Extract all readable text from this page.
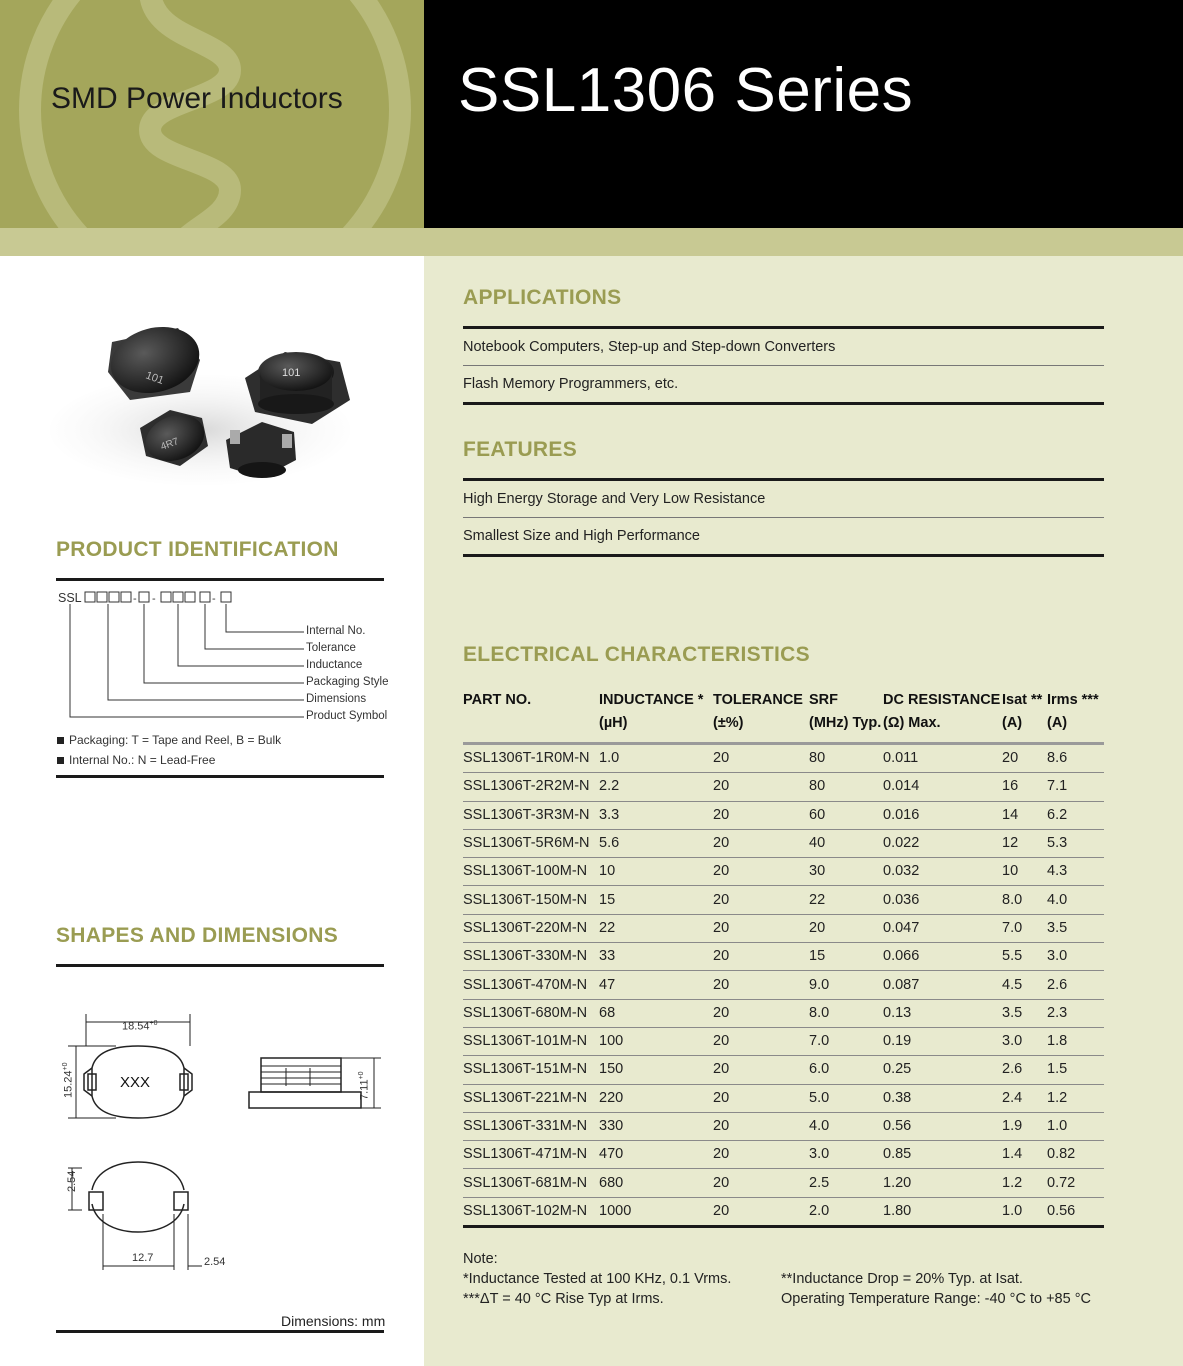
SMD Power Inductors SSL1306 Series
APPLICATIONS
Notebook Computers, Step-up and Step-down Converters
Flash Memory Programmers, etc.
FEATURES
High Energy Storage and Very Low Resistance
Smallest Size and High Performance
ELECTRICAL CHARACTERISTICS
PART NO.	INDUCTANCE *	TOLERANCE	SRF	DC RESISTANCE	Isat **	Irms ***
	(µH)	(±%)	(MHz) Typ.	(Ω) Max.	(A)	(A)
SSL1306T-1R0M-N	1.0	20	80	0.011	20	8.6
SSL1306T-2R2M-N	2.2	20	80	0.014	16	7.1
SSL1306T-3R3M-N	3.3	20	60	0.016	14	6.2
SSL1306T-5R6M-N	5.6	20	40	0.022	12	5.3
SSL1306T-100M-N	10	20	30	0.032	10	4.3
SSL1306T-150M-N	15	20	22	0.036	8.0	4.0
SSL1306T-220M-N	22	20	20	0.047	7.0	3.5
SSL1306T-330M-N	33	20	15	0.066	5.5	3.0
SSL1306T-470M-N	47	20	9.0	0.087	4.5	2.6
SSL1306T-680M-N	68	20	8.0	0.13	3.5	2.3
SSL1306T-101M-N	100	20	7.0	0.19	3.0	1.8
SSL1306T-151M-N	150	20	6.0	0.25	2.6	1.5
SSL1306T-221M-N	220	20	5.0	0.38	2.4	1.2
SSL1306T-331M-N	330	20	4.0	0.56	1.9	1.0
SSL1306T-471M-N	470	20	3.0	0.85	1.4	0.82
SSL1306T-681M-N	680	20	2.5	1.20	1.2	0.72
SSL1306T-102M-N	1000	20	2.0	1.80	1.0	0.56
Note:
*Inductance Tested at 100 KHz, 0.1 Vrms.	**Inductance Drop = 20% Typ. at Isat.
***ΔT = 40 °C Rise Typ at Irms.	Operating Temperature Range: -40 °C to +85 °C
101	101
4R7
PRODUCT IDENTIFICATION
SSL	- -	-
Internal No.
Tolerance
Inductance
Packaging Style
Dimensions
Product Symbol
Packaging: T = Tape and Reel, B = Bulk
Internal No.: N = Lead-Free
SHAPES AND DIMENSIONS
$18.54^{+0}$
$15.24^{+0}$
XXX	$7.11^{+0}$
2.54
12.7	2.54
Dimensions: mm
